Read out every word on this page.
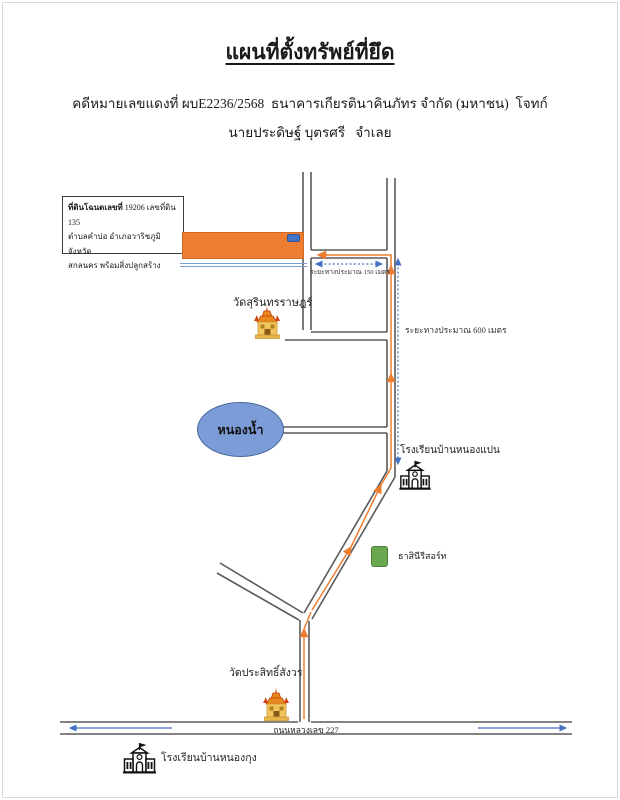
แผนที่ตั้งทรัพย์ที่ยึด
คดีหมายเลขแดงที่ ผบE2236/2568  ธนาคารเกียรตินาคินภัทร จำกัด (มหาชน)  โจทก์
นายประดิษฐ์ บุตรศรี   จำเลย
ที่ดินโฉนดเลขที่ 19206 เลขที่ดิน 135
ตำบลคำบ่อ อำเภอวาริชภูมิ จังหวัด
สกลนคร พร้อมสิ่งปลูกสร้าง
หนองน้ำ
วัดสุรินทรราษฎร์
ระยะทางประมาณ 150 เมตร
ระยะทางประมาณ 600 เมตร
โรงเรียนบ้านหนองแปน
ธาสินีรีสอร์ท
วัดประสิทธิ์สังวร
ถนนหลวงเลข 227
โรงเรียนบ้านหนองกุง
